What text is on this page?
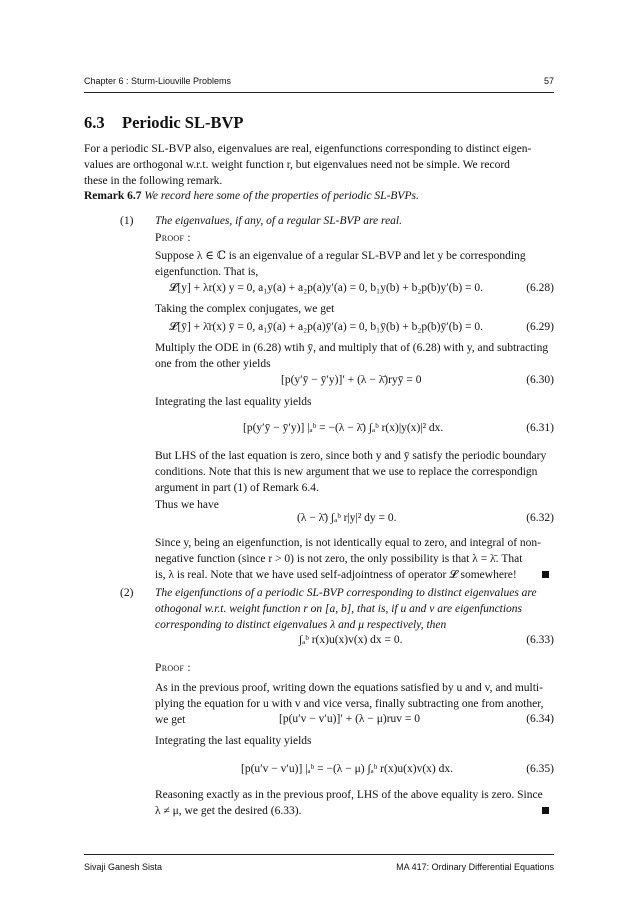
Chapter 6 : Sturm-Liouville Problems	57
6.3 Periodic SL-BVP
For a periodic SL-BVP also, eigenvalues are real, eigenfunctions corresponding to distinct eigen-
values are orthogonal w.r.t. weight function r, but eigenvalues need not be simple. We record
these in the following remark.
Remark 6.7 We record here some of the properties of periodic SL-BVPs.
(1) The eigenvalues, if any, of a regular SL-BVP are real.
Proof :
Suppose λ ∈ ℂ is an eigenvalue of a regular SL-BVP and let y be corresponding
eigenfunction. That is,
𝓛[y] + λr(x) y = 0, a₁y(a) + a₂p(a)y′(a) = 0, b₁y(b) + b₂p(b)y′(b) = 0.	(6.28)
Taking the complex conjugates, we get
𝓛[ȳ] + λ̄r(x) ȳ = 0, a₁ȳ(a) + a₂p(a)ȳ′(a) = 0, b₁ȳ(b) + b₂p(b)ȳ′(b) = 0.	(6.29)
Multiply the ODE in (6.28) wtih ȳ, and multiply that of (6.28) with y, and subtracting
one from the other yields
[p(y′ȳ − ȳ′y)]′ + (λ − λ̄)ryȳ = 0	(6.30)
Integrating the last equality yields
[p(y′ȳ − ȳ′y)] |ₐᵇ = −(λ − λ̄) ∫ₐᵇ r(x)|y(x)|² dx.	(6.31)
But LHS of the last equation is zero, since both y and ȳ satisfy the periodic boundary
conditions. Note that this is new argument that we use to replace the correspondign
argument in part (1) of Remark 6.4.
Thus we have
(λ − λ̄) ∫ₐᵇ r|y|² dy = 0.	(6.32)
Since y, being an eigenfunction, is not identically equal to zero, and integral of non-
negative function (since r > 0) is not zero, the only possibility is that λ = λ̄. That
is, λ is real. Note that we have used self-adjointness of operator 𝓛 somewhere!
(2) The eigenfunctions of a periodic SL-BVP corresponding to distinct eigenvalues are
othogonal w.r.t. weight function r on [a, b], that is, if u and v are eigenfunctions
corresponding to distinct eigenvalues λ and μ respectively, then
∫ₐᵇ r(x)u(x)v(x) dx = 0.	(6.33)
Proof :
As in the previous proof, writing down the equations satisfied by u and v, and multi-
plying the equation for u with v and vice versa, finally subtracting one from another,
we get	[p(u′v − v′u)]′ + (λ − μ)ruv = 0	(6.34)
Integrating the last equality yields
[p(u′v − v′u)] |ₐᵇ = −(λ − μ) ∫ₐᵇ r(x)u(x)v(x) dx.	(6.35)
Reasoning exactly as in the previous proof, LHS of the above equality is zero. Since
λ ≠ μ, we get the desired (6.33).
Sivaji Ganesh Sista	MA 417: Ordinary Differential Equations
